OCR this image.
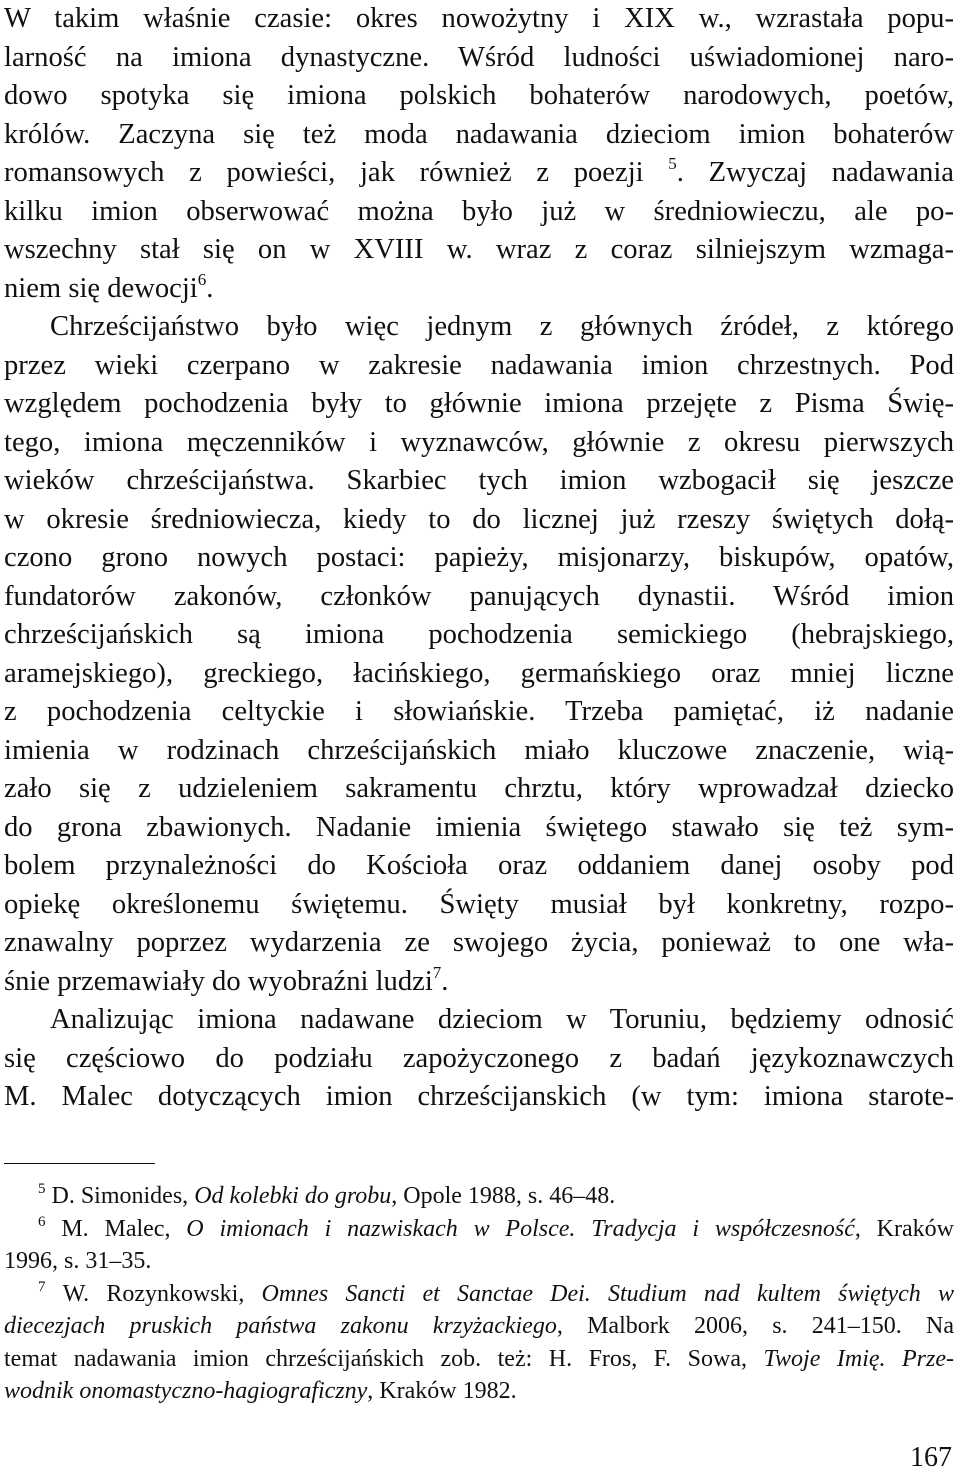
W takim właśnie czasie: okres nowożytny i XIX w., wzrastała popu-
larność na imiona dynastyczne. Wśród ludności uświadomionej naro-
dowo spotyka się imiona polskich bohaterów narodowych, poetów,
królów. Zaczyna się też moda nadawania dzieciom imion bohaterów
romansowych z powieści, jak również z poezji $^5$. Zwyczaj nadawania
kilku imion obserwować można było już w średniowieczu, ale po-
wszechny stał się on w XVIII w. wraz z coraz silniejszym wzmaga-
niem się dewocji$^6$.
Chrześcijaństwo było więc jednym z głównych źródeł, z którego
przez wieki czerpano w zakresie nadawania imion chrzestnych. Pod
względem pochodzenia były to głównie imiona przejęte z Pisma Świę-
tego, imiona męczenników i wyznawców, głównie z okresu pierwszych
wieków chrześcijaństwa. Skarbiec tych imion wzbogacił się jeszcze
w okresie średniowiecza, kiedy to do licznej już rzeszy świętych dołą-
czono grono nowych postaci: papieży, misjonarzy, biskupów, opatów,
fundatorów zakonów, członków panujących dynastii. Wśród imion
chrześcijańskich są imiona pochodzenia semickiego (hebrajskiego,
aramejskiego), greckiego, łacińskiego, germańskiego oraz mniej liczne
z pochodzenia celtyckie i słowiańskie. Trzeba pamiętać, iż nadanie
imienia w rodzinach chrześcijańskich miało kluczowe znaczenie, wią-
zało się z udzieleniem sakramentu chrztu, który wprowadzał dziecko
do grona zbawionych. Nadanie imienia świętego stawało się też sym-
bolem przynależności do Kościoła oraz oddaniem danej osoby pod
opiekę określonemu świętemu. Święty musiał był konkretny, rozpo-
znawalny poprzez wydarzenia ze swojego życia, ponieważ to one wła-
śnie przemawiały do wyobraźni ludzi$^7$.
Analizując imiona nadawane dzieciom w Toruniu, będziemy odnosić
się częściowo do podziału zapożyczonego z badań językoznawczych
M. Malec dotyczących imion chrześcijanskich (w tym: imiona starote-
$^5$ D. Simonides, Od kolebki do grobu, Opole 1988, s. 46–48.
$^6$ M. Malec, O imionach i nazwiskach w Polsce. Tradycja i współczesność, Kraków
1996, s. 31–35.
$^7$ W. Rozynkowski, Omnes Sancti et Sanctae Dei. Studium nad kultem świętych w
diecezjach pruskich państwa zakonu krzyżackiego, Malbork 2006, s. 241–150. Na
temat nadawania imion chrześcijańskich zob. też: H. Fros, F. Sowa, Twoje Imię. Prze-
wodnik onomastyczno-hagiograficzny, Kraków 1982.
167
